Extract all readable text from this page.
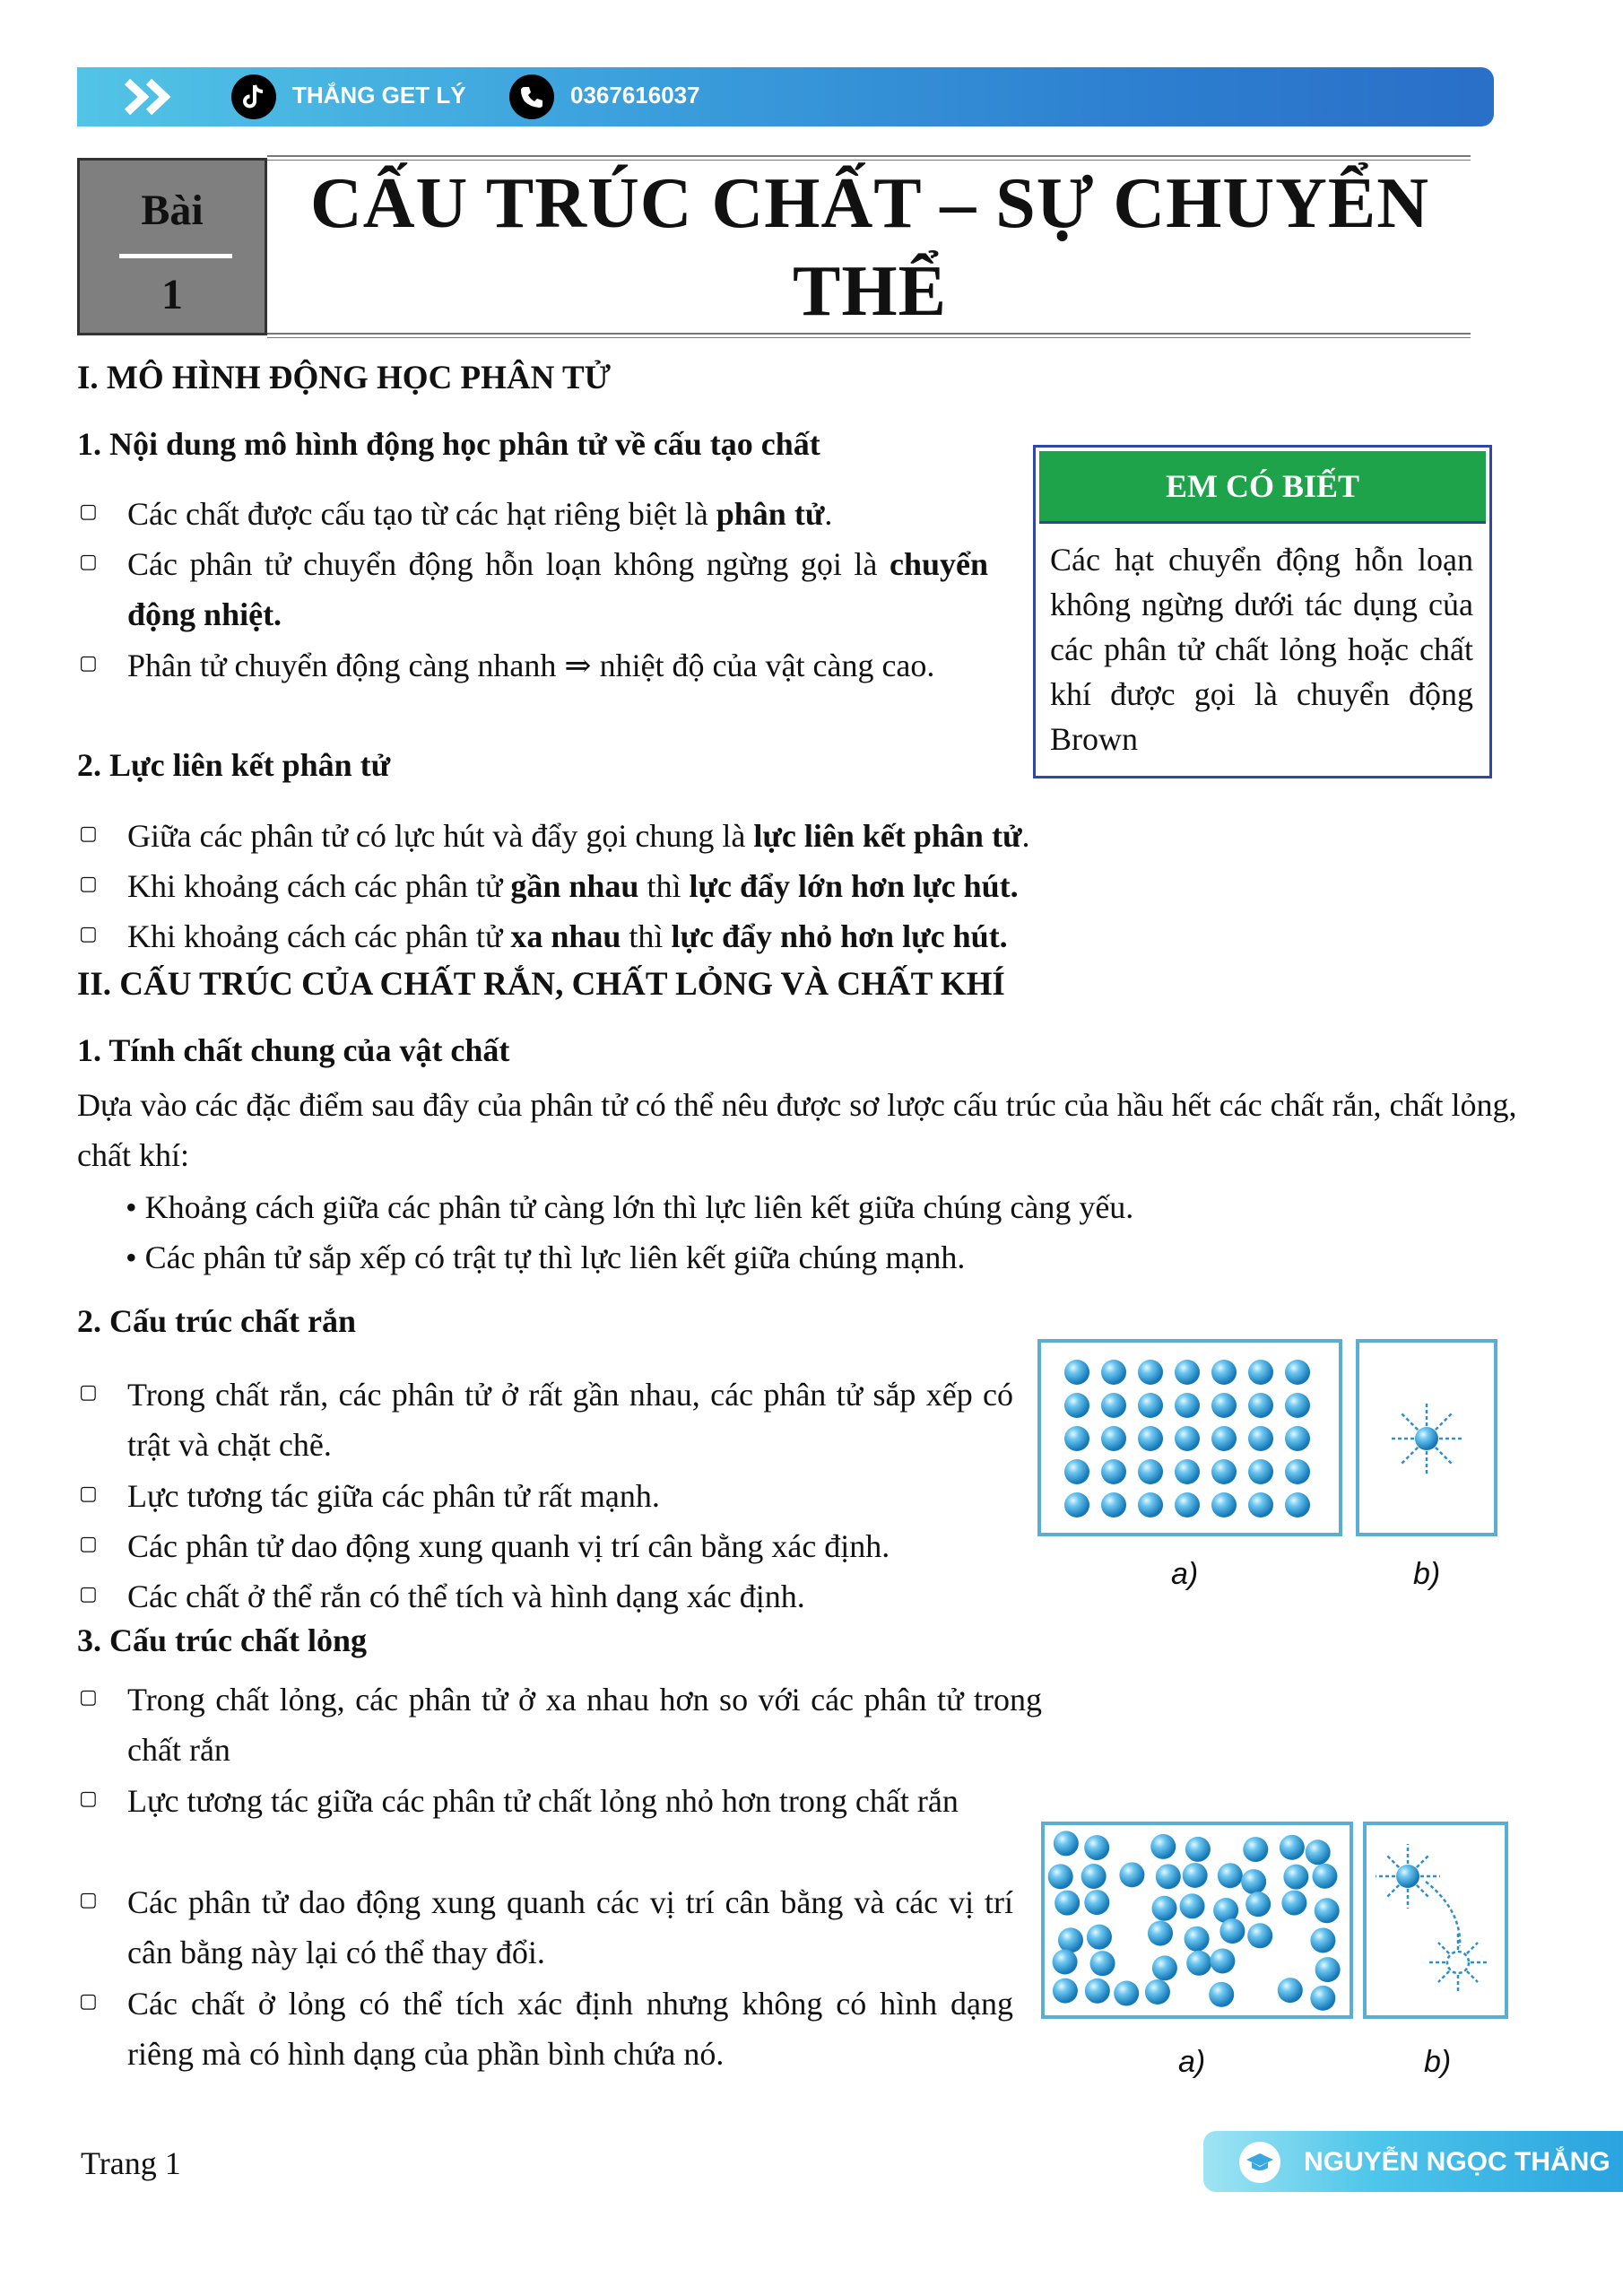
THẮNG GET LÝ	0367616037
Bài
1
CẤU TRÚC CHẤT – SỰ CHUYỂN
THỂ
I. MÔ HÌNH ĐỘNG HỌC PHÂN TỬ
1. Nội dung mô hình động học phân tử về cấu tạo chất
▢ Các chất được cấu tạo từ các hạt riêng biệt là phân tử.
▢ Các phân tử chuyển động hỗn loạn không ngừng gọi là chuyển động nhiệt.
▢ Phân tử chuyển động càng nhanh ⇒ nhiệt độ của vật càng cao.
2. Lực liên kết phân tử
▢ Giữa các phân tử có lực hút và đẩy gọi chung là lực liên kết phân tử.
▢ Khi khoảng cách các phân tử gần nhau thì lực đẩy lớn hơn lực hút.
▢ Khi khoảng cách các phân tử xa nhau thì lực đẩy nhỏ hơn lực hút.
EM CÓ BIẾT
Các hạt chuyển động hỗn loạn không ngừng dưới tác dụng của các phân tử chất lỏng hoặc chất khí được gọi là chuyển động Brown
II. CẤU TRÚC CỦA CHẤT RẮN, CHẤT LỎNG VÀ CHẤT KHÍ
1. Tính chất chung của vật chất
Dựa vào các đặc điểm sau đây của phân tử có thể nêu được sơ lược cấu trúc của hầu hết các chất rắn, chất lỏng, chất khí:
• Khoảng cách giữa các phân tử càng lớn thì lực liên kết giữa chúng càng yếu.
• Các phân tử sắp xếp có trật tự thì lực liên kết giữa chúng mạnh.
2. Cấu trúc chất rắn
▢ Trong chất rắn, các phân tử ở rất gần nhau, các phân tử sắp xếp có trật và chặt chẽ.
▢ Lực tương tác giữa các phân tử rất mạnh.
▢ Các phân tử dao động xung quanh vị trí cân bằng xác định.
▢ Các chất ở thể rắn có thể tích và hình dạng xác định.
3. Cấu trúc chất lỏng
▢ Trong chất lỏng, các phân tử ở xa nhau hơn so với các phân tử trong chất rắn
▢ Lực tương tác giữa các phân tử chất lỏng nhỏ hơn trong chất rắn
▢ Các phân tử dao động xung quanh các vị trí cân bằng và các vị trí cân bằng này lại có thể thay đổi.
▢ Các chất ở lỏng có thể tích xác định nhưng không có hình dạng riêng mà có hình dạng của phần bình chứa nó.
a)	b)
a)	b)
Trang 1	NGUYỄN NGỌC THẮNG
